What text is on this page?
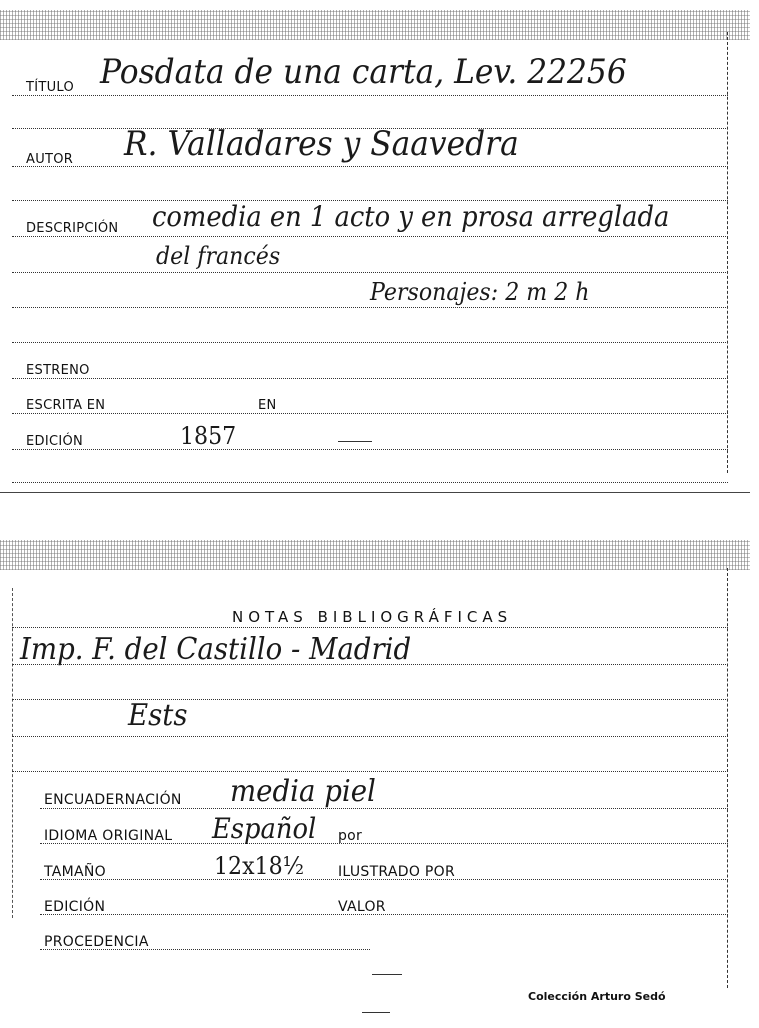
TÍTULO Posdata de una carta, Lev. 22256
AUTOR R. Valladares y Saavedra
DESCRIPCIÓN comedia en 1 acto y en prosa arreglada
del francés
Personajes: 2 m 2 h
ESTRENO
ESCRITA EN	EN
EDICIÓN	1857
NOTAS BIBLIOGRÁFICAS
Imp. F. del Castillo - Madrid
Ests
ENCUADERNACIÓN media piel
IDIOMA ORIGINAL Español por
TAMAÑO	12x18½ ILUSTRADO POR
EDICIÓN	VALOR
PROCEDENCIA
Colección Arturo Sedó
